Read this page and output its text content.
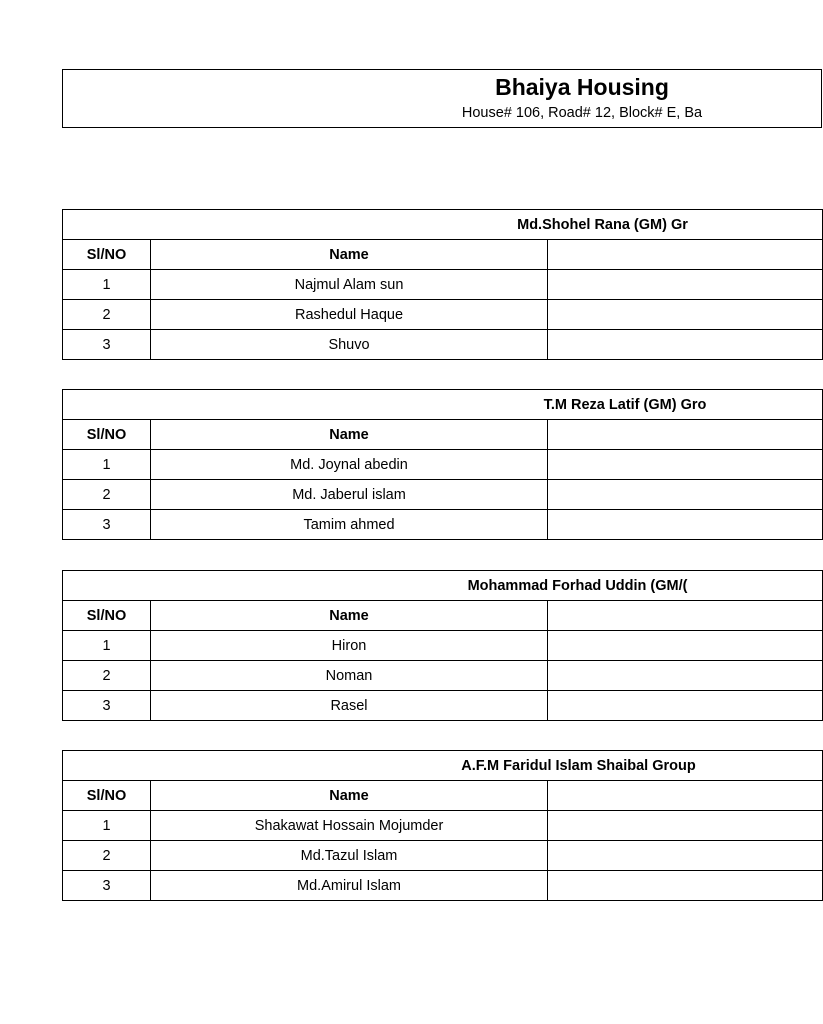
Bhaiya Housing
House# 106, Road# 12, Block# E, Ba
Md.Shohel Rana (GM) Gr		
Sl/NO	Name	
1	Najmul Alam sun	
2	Rashedul Haque	
3	Shuvo	
T.M Reza Latif (GM) Gro		
Sl/NO	Name	
1	Md. Joynal abedin	
2	Md. Jaberul islam	
3	Tamim ahmed	
Mohammad Forhad Uddin (GM/(		
Sl/NO	Name	
1	Hiron	
2	Noman	
3	Rasel	
A.F.M Faridul Islam Shaibal Group		
Sl/NO	Name	
1	Shakawat Hossain Mojumder	
2	Md.Tazul Islam	
3	Md.Amirul Islam	
